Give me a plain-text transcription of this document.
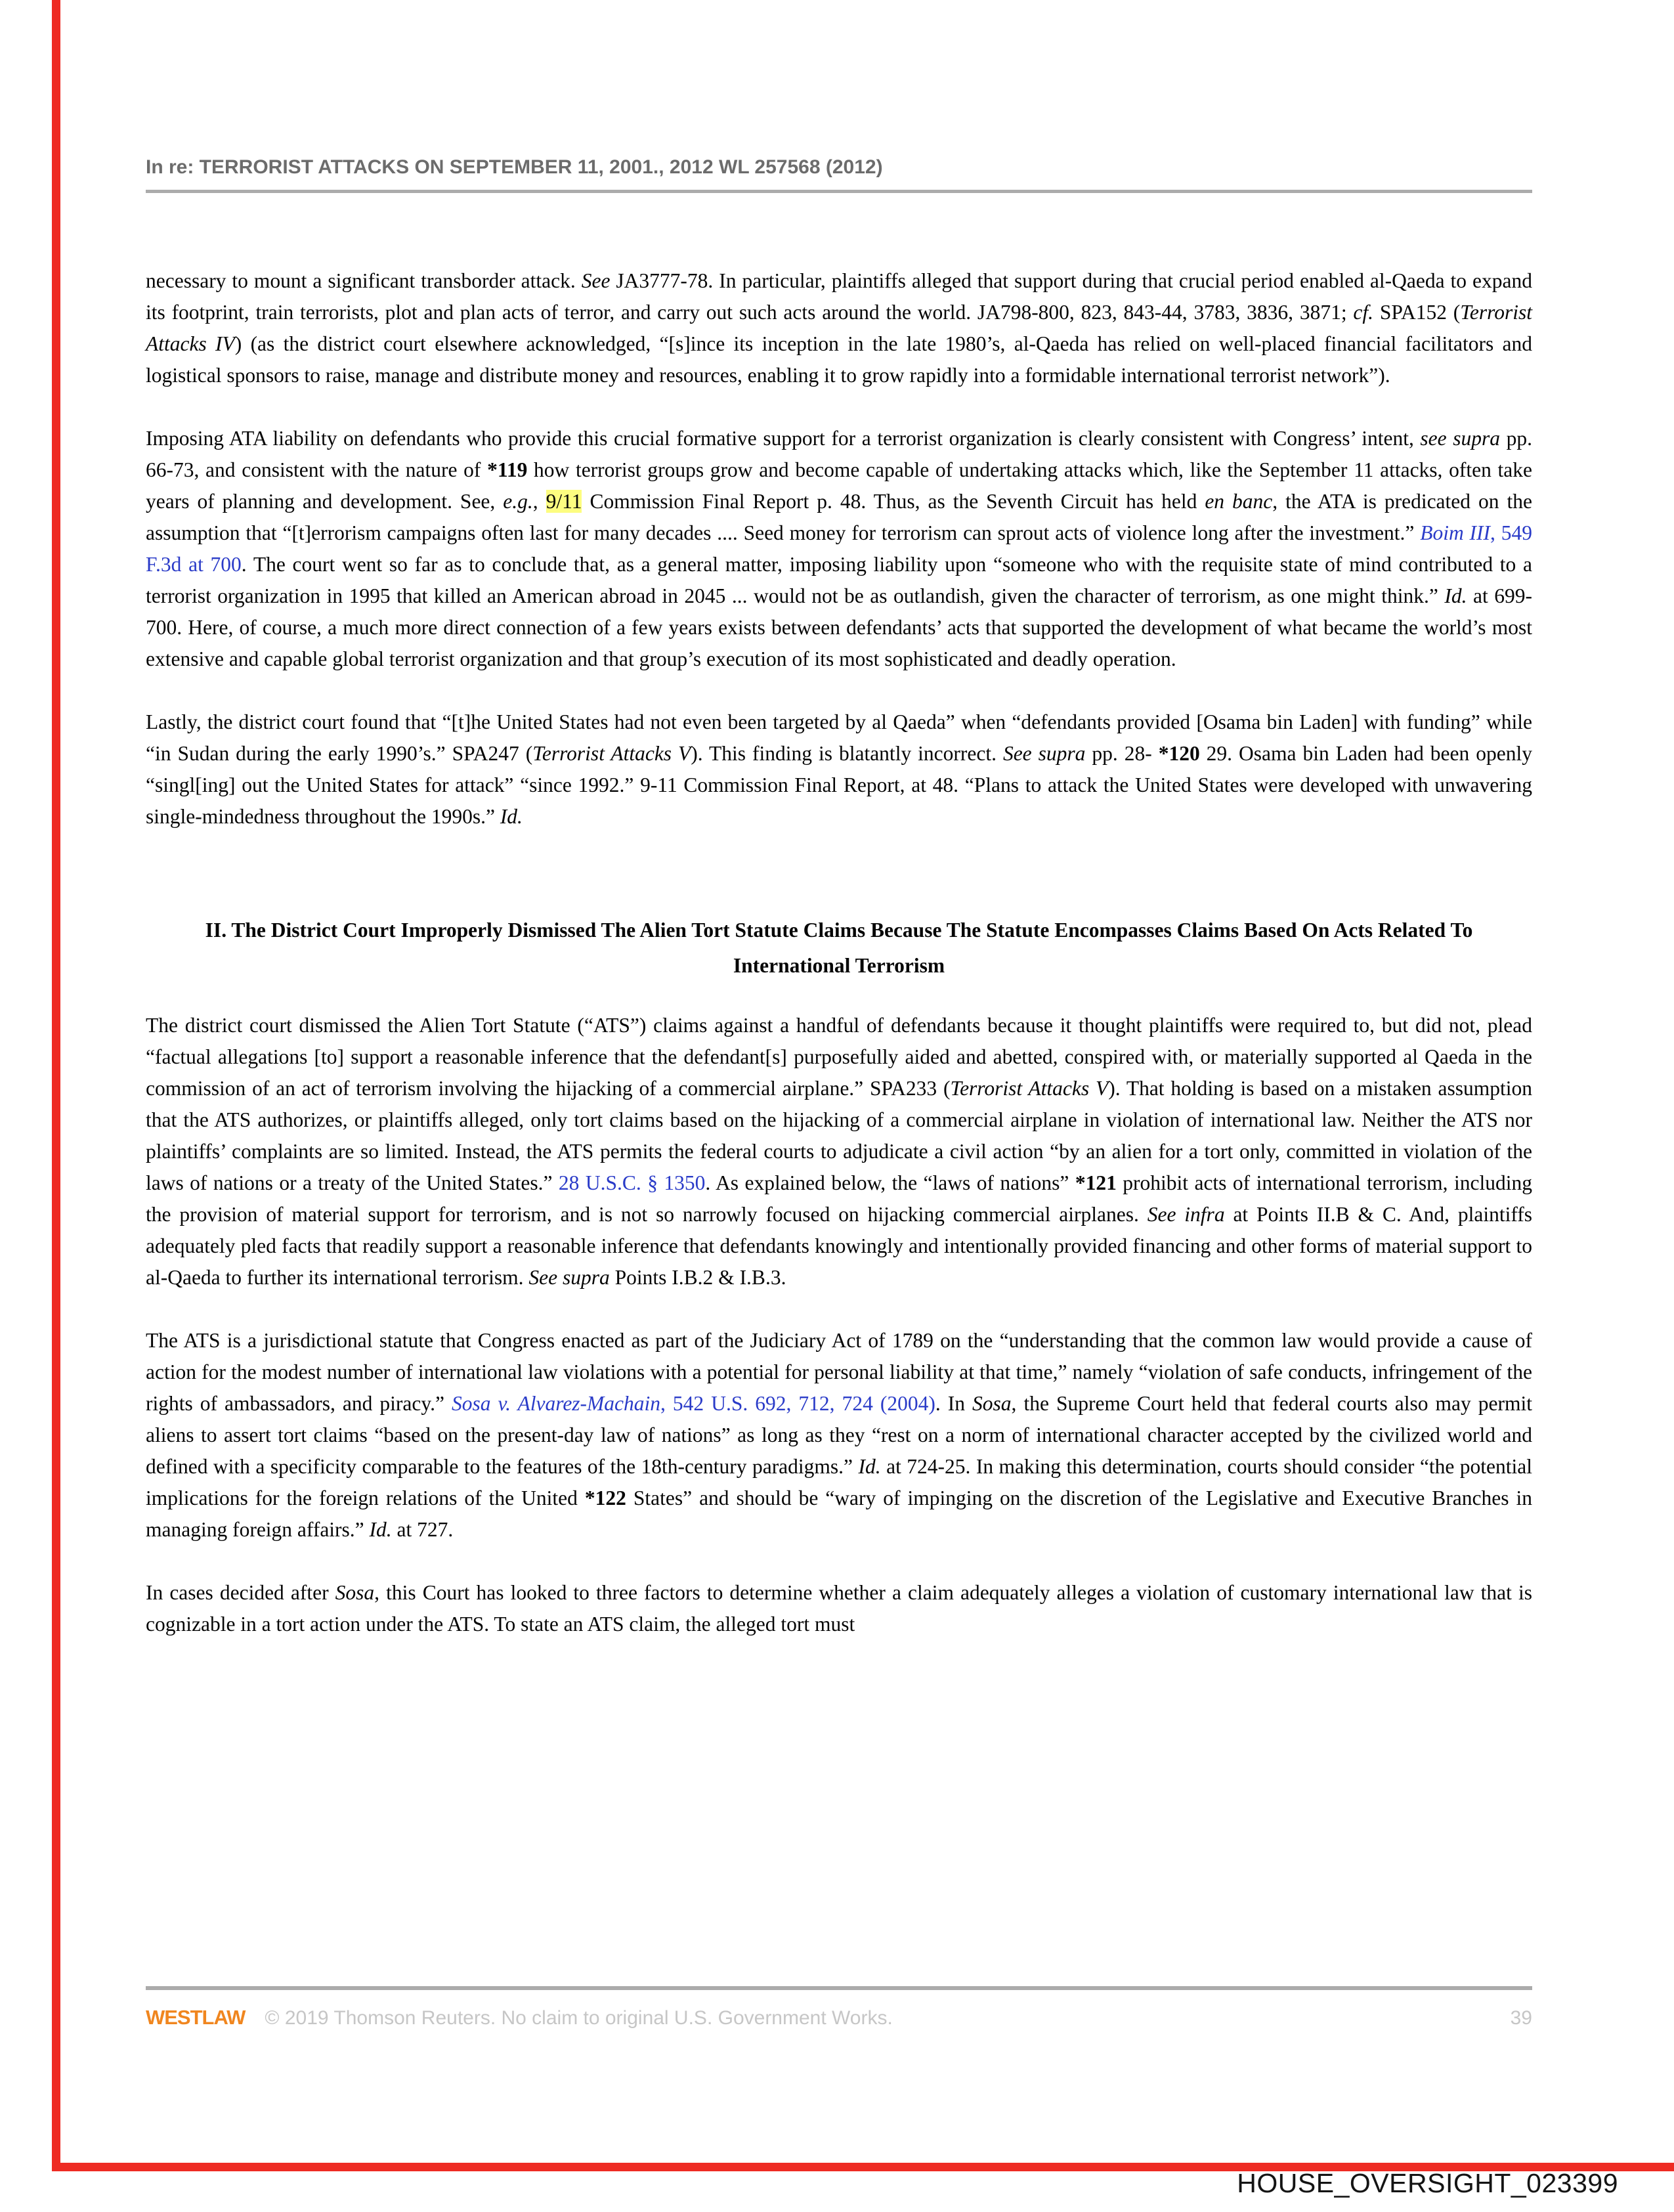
In re: TERRORIST ATTACKS ON SEPTEMBER 11, 2001., 2012 WL 257568 (2012)

necessary to mount a significant transborder attack. See JA3777-78. In particular, plaintiffs alleged that support during that crucial period enabled al-Qaeda to expand its footprint, train terrorists, plot and plan acts of terror, and carry out such acts around the world. JA798-800, 823, 843-44, 3783, 3836, 3871; cf. SPA152 (Terrorist Attacks IV) (as the district court elsewhere acknowledged, “[s]ince its inception in the late 1980’s, al-Qaeda has relied on well-placed financial facilitators and logistical sponsors to raise, manage and distribute money and resources, enabling it to grow rapidly into a formidable international terrorist network”).

Imposing ATA liability on defendants who provide this crucial formative support for a terrorist organization is clearly consistent with Congress’ intent, see supra pp. 66-73, and consistent with the nature of *119 how terrorist groups grow and become capable of undertaking attacks which, like the September 11 attacks, often take years of planning and development. See, e.g., 9/11 Commission Final Report p. 48. Thus, as the Seventh Circuit has held en banc, the ATA is predicated on the assumption that “[t]errorism campaigns often last for many decades .... Seed money for terrorism can sprout acts of violence long after the investment.” Boim III, 549 F.3d at 700. The court went so far as to conclude that, as a general matter, imposing liability upon “someone who with the requisite state of mind contributed to a terrorist organization in 1995 that killed an American abroad in 2045 ... would not be as outlandish, given the character of terrorism, as one might think.” Id. at 699-700. Here, of course, a much more direct connection of a few years exists between defendants’ acts that supported the development of what became the world’s most extensive and capable global terrorist organization and that group’s execution of its most sophisticated and deadly operation.

Lastly, the district court found that “[t]he United States had not even been targeted by al Qaeda” when “defendants provided [Osama bin Laden] with funding” while “in Sudan during the early 1990’s.” SPA247 (Terrorist Attacks V). This finding is blatantly incorrect. See supra pp. 28- *120 29. Osama bin Laden had been openly “singl[ing] out the United States for attack” “since 1992.” 9-11 Commission Final Report, at 48. “Plans to attack the United States were developed with unwavering single-mindedness throughout the 1990s.” Id.

II. The District Court Improperly Dismissed The Alien Tort Statute Claims Because The Statute Encompasses Claims Based On Acts Related To International Terrorism

The district court dismissed the Alien Tort Statute (“ATS”) claims against a handful of defendants because it thought plaintiffs were required to, but did not, plead “factual allegations [to] support a reasonable inference that the defendant[s] purposefully aided and abetted, conspired with, or materially supported al Qaeda in the commission of an act of terrorism involving the hijacking of a commercial airplane.” SPA233 (Terrorist Attacks V). That holding is based on a mistaken assumption that the ATS authorizes, or plaintiffs alleged, only tort claims based on the hijacking of a commercial airplane in violation of international law. Neither the ATS nor plaintiffs’ complaints are so limited. Instead, the ATS permits the federal courts to adjudicate a civil action “by an alien for a tort only, committed in violation of the laws of nations or a treaty of the United States.” 28 U.S.C. § 1350. As explained below, the “laws of nations” *121 prohibit acts of international terrorism, including the provision of material support for terrorism, and is not so narrowly focused on hijacking commercial airplanes. See infra at Points II.B & C. And, plaintiffs adequately pled facts that readily support a reasonable inference that defendants knowingly and intentionally provided financing and other forms of material support to al-Qaeda to further its international terrorism. See supra Points I.B.2 & I.B.3.

The ATS is a jurisdictional statute that Congress enacted as part of the Judiciary Act of 1789 on the “understanding that the common law would provide a cause of action for the modest number of international law violations with a potential for personal liability at that time,” namely “violation of safe conducts, infringement of the rights of ambassadors, and piracy.” Sosa v. Alvarez-Machain, 542 U.S. 692, 712, 724 (2004). In Sosa, the Supreme Court held that federal courts also may permit aliens to assert tort claims “based on the present-day law of nations” as long as they “rest on a norm of international character accepted by the civilized world and defined with a specificity comparable to the features of the 18th-century paradigms.” Id. at 724-25. In making this determination, courts should consider “the potential implications for the foreign relations of the United *122 States” and should be “wary of impinging on the discretion of the Legislative and Executive Branches in managing foreign affairs.” Id. at 727.

In cases decided after Sosa, this Court has looked to three factors to determine whether a claim adequately alleges a violation of customary international law that is cognizable in a tort action under the ATS. To state an ATS claim, the alleged tort must

WESTLAW © 2019 Thomson Reuters. No claim to original U.S. Government Works.	39
HOUSE_OVERSIGHT_023399
